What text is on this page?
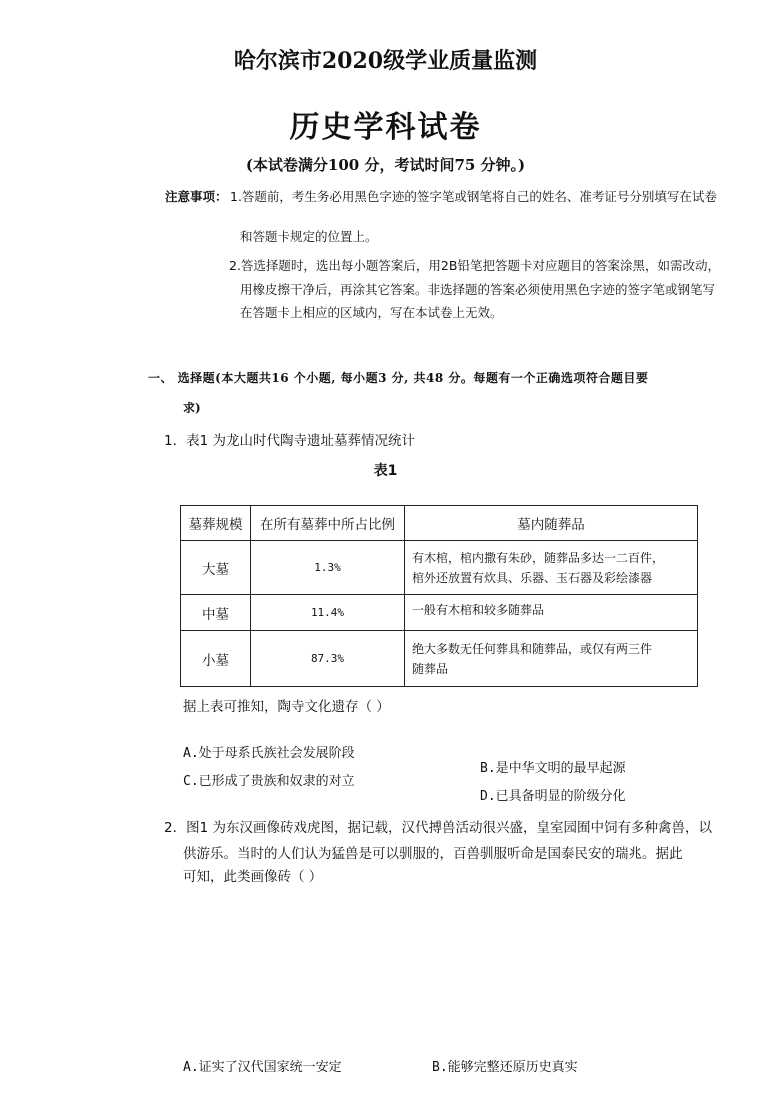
哈尔滨市2020级学业质量监测
历史学科试卷
(本试卷满分100 分，考试时间75 分钟。)
注意事项： 1.答题前，考生务必用黑色字迹的签字笔或钢笔将自己的姓名、准考证号分别填写在试卷
和答题卡规定的位置上。
2.答选择题时，选出每小题答案后，用2B铅笔把答题卡对应题目的答案涂黑，如需改动，
用橡皮擦干净后，再涂其它答案。非选择题的答案必须使用黑色字迹的签字笔或钢笔写
在答题卡上相应的区域内，写在本试卷上无效。
一、 选择题(本大题共16 个小题, 每小题3 分, 共48 分。每题有一个正确选项符合题目要
求)
1．表1 为龙山时代陶寺遗址墓葬情况统计
表1
墓葬规模	在所有墓葬中所占比例	墓内随葬品
大墓	1.3%	有木棺，棺内撒有朱砂，随葬品多达一二百件，
棺外还放置有炊具、乐器、玉石器及彩绘漆器

中墓	11.4%	一般有木棺和较多随葬品

小墓	87.3%	绝大多数无任何葬具和随葬品，或仅有两三件
随葬品
据上表可推知，陶寺文化遗存（ ）
A.处于母系氏族社会发展阶段
C.已形成了贵族和奴隶的对立
B.是中华文明的最早起源
D.已具备明显的阶级分化
2．图1 为东汉画像砖戏虎图，据记载，汉代搏兽活动很兴盛，皇室园囿中饲有多种禽兽，以
供游乐。当时的人们认为猛兽是可以驯服的，百兽驯服听命是国泰民安的瑞兆。据此
可知，此类画像砖（ ）
A.证实了汉代国家统一安定	B.能够完整还原历史真实
